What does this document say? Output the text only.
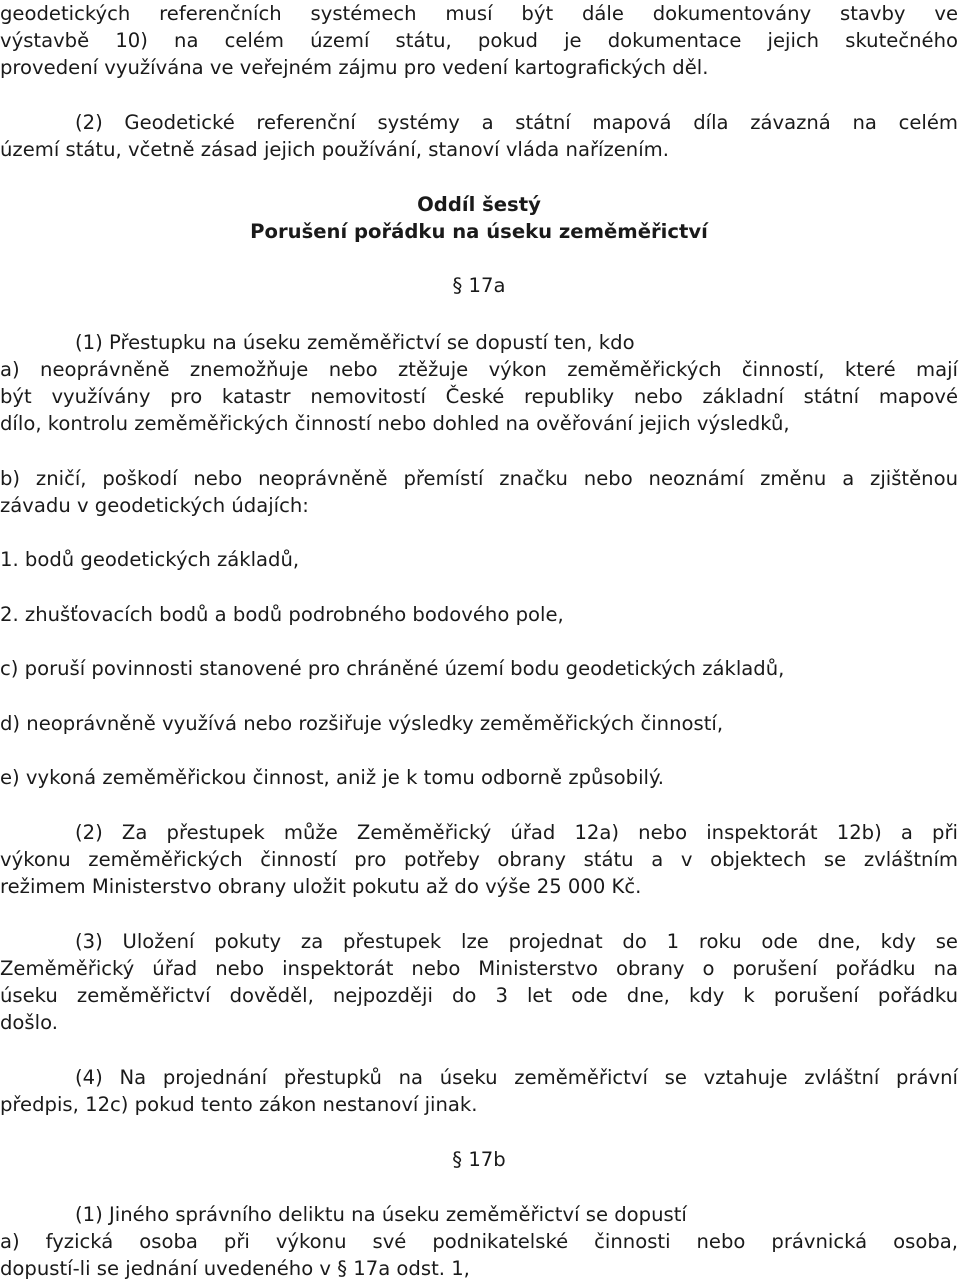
geodetických referenčních systémech musí být dále dokumentovány stavby ve
výstavbě 10) na celém území státu, pokud je dokumentace jejich skutečného
provedení využívána ve veřejném zájmu pro vedení kartografických děl.
(2) Geodetické referenční systémy a státní mapová díla závazná na celém
území státu, včetně zásad jejich používání, stanoví vláda nařízením.
Oddíl šestý
Porušení pořádku na úseku zeměměřictví
§ 17a
(1) Přestupku na úseku zeměměřictví se dopustí ten, kdo
a) neoprávněně znemožňuje nebo ztěžuje výkon zeměměřických činností, které mají
být využívány pro katastr nemovitostí České republiky nebo základní státní mapové
dílo, kontrolu zeměměřických činností nebo dohled na ověřování jejich výsledků,
b) zničí, poškodí nebo neoprávněně přemístí značku nebo neoznámí změnu a zjištěnou
závadu v geodetických údajích:
1. bodů geodetických základů,
2. zhušťovacích bodů a bodů podrobného bodového pole,
c) poruší povinnosti stanovené pro chráněné území bodu geodetických základů,
d) neoprávněně využívá nebo rozšiřuje výsledky zeměměřických činností,
e) vykoná zeměměřickou činnost, aniž je k tomu odborně způsobilý.
(2) Za přestupek může Zeměměřický úřad 12a) nebo inspektorát 12b) a při
výkonu zeměměřických činností pro potřeby obrany státu a v objektech se zvláštním
režimem Ministerstvo obrany uložit pokutu až do výše 25 000 Kč.
(3) Uložení pokuty za přestupek lze projednat do 1 roku ode dne, kdy se
Zeměměřický úřad nebo inspektorát nebo Ministerstvo obrany o porušení pořádku na
úseku zeměměřictví dověděl, nejpozději do 3 let ode dne, kdy k porušení pořádku
došlo.
(4) Na projednání přestupků na úseku zeměměřictví se vztahuje zvláštní právní
předpis, 12c) pokud tento zákon nestanoví jinak.
§ 17b
(1) Jiného správního deliktu na úseku zeměměřictví se dopustí
a) fyzická osoba při výkonu své podnikatelské činnosti nebo právnická osoba,
dopustí-li se jednání uvedeného v § 17a odst. 1,
